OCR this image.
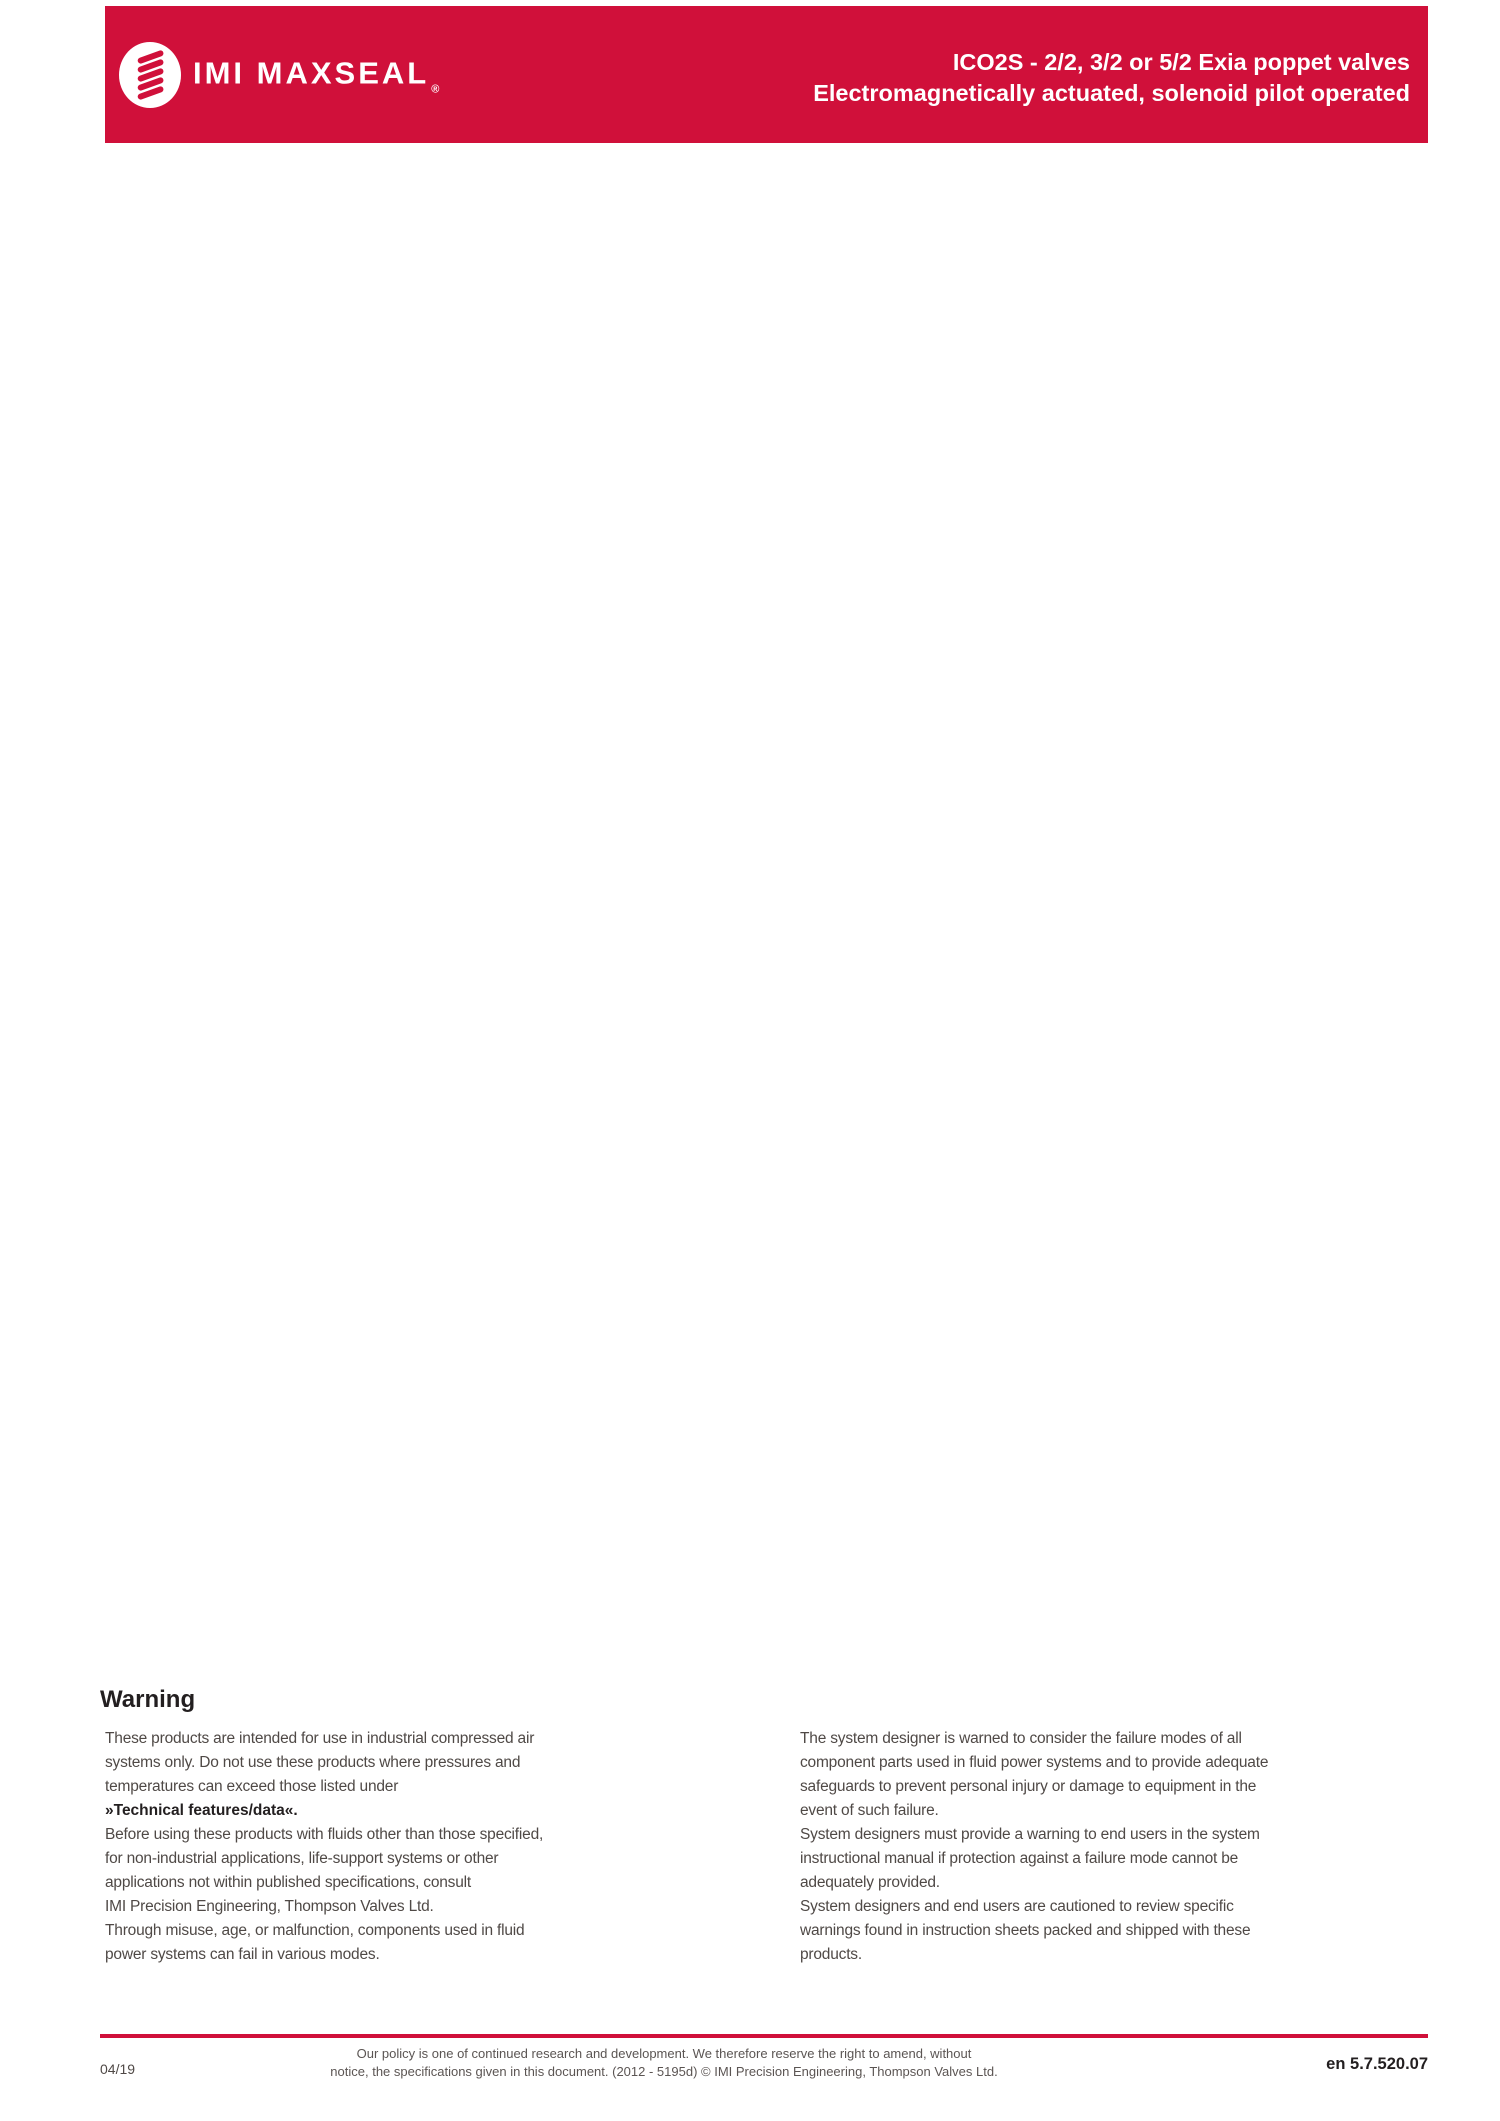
IMI MAXSEAL ®
ICO2S - 2/2, 3/2 or 5/2 Exia poppet valves
Electromagnetically actuated, solenoid pilot operated
Warning
These products are intended for use in industrial compressed air
systems only. Do not use these products where pressures and
temperatures can exceed those listed under
»Technical features/data«.
Before using these products with fluids other than those specified,
for non-industrial applications, life-support systems or other
applications not within published specifications, consult
IMI Precision Engineering, Thompson Valves Ltd.
Through misuse, age, or malfunction, components used in fluid
power systems can fail in various modes.
The system designer is warned to consider the failure modes of all
component parts used in fluid power systems and to provide adequate
safeguards to prevent personal injury or damage to equipment in the
event of such failure.
System designers must provide a warning to end users in the system
instructional manual if protection against a failure mode cannot be
adequately provided.
System designers and end users are cautioned to review specific
warnings found in instruction sheets packed and shipped with these
products.
04/19
Our policy is one of continued research and development. We therefore reserve the right to amend, without
notice, the specifications given in this document. (2012 - 5195d) © IMI Precision Engineering, Thompson Valves Ltd.	en 5.7.520.07
